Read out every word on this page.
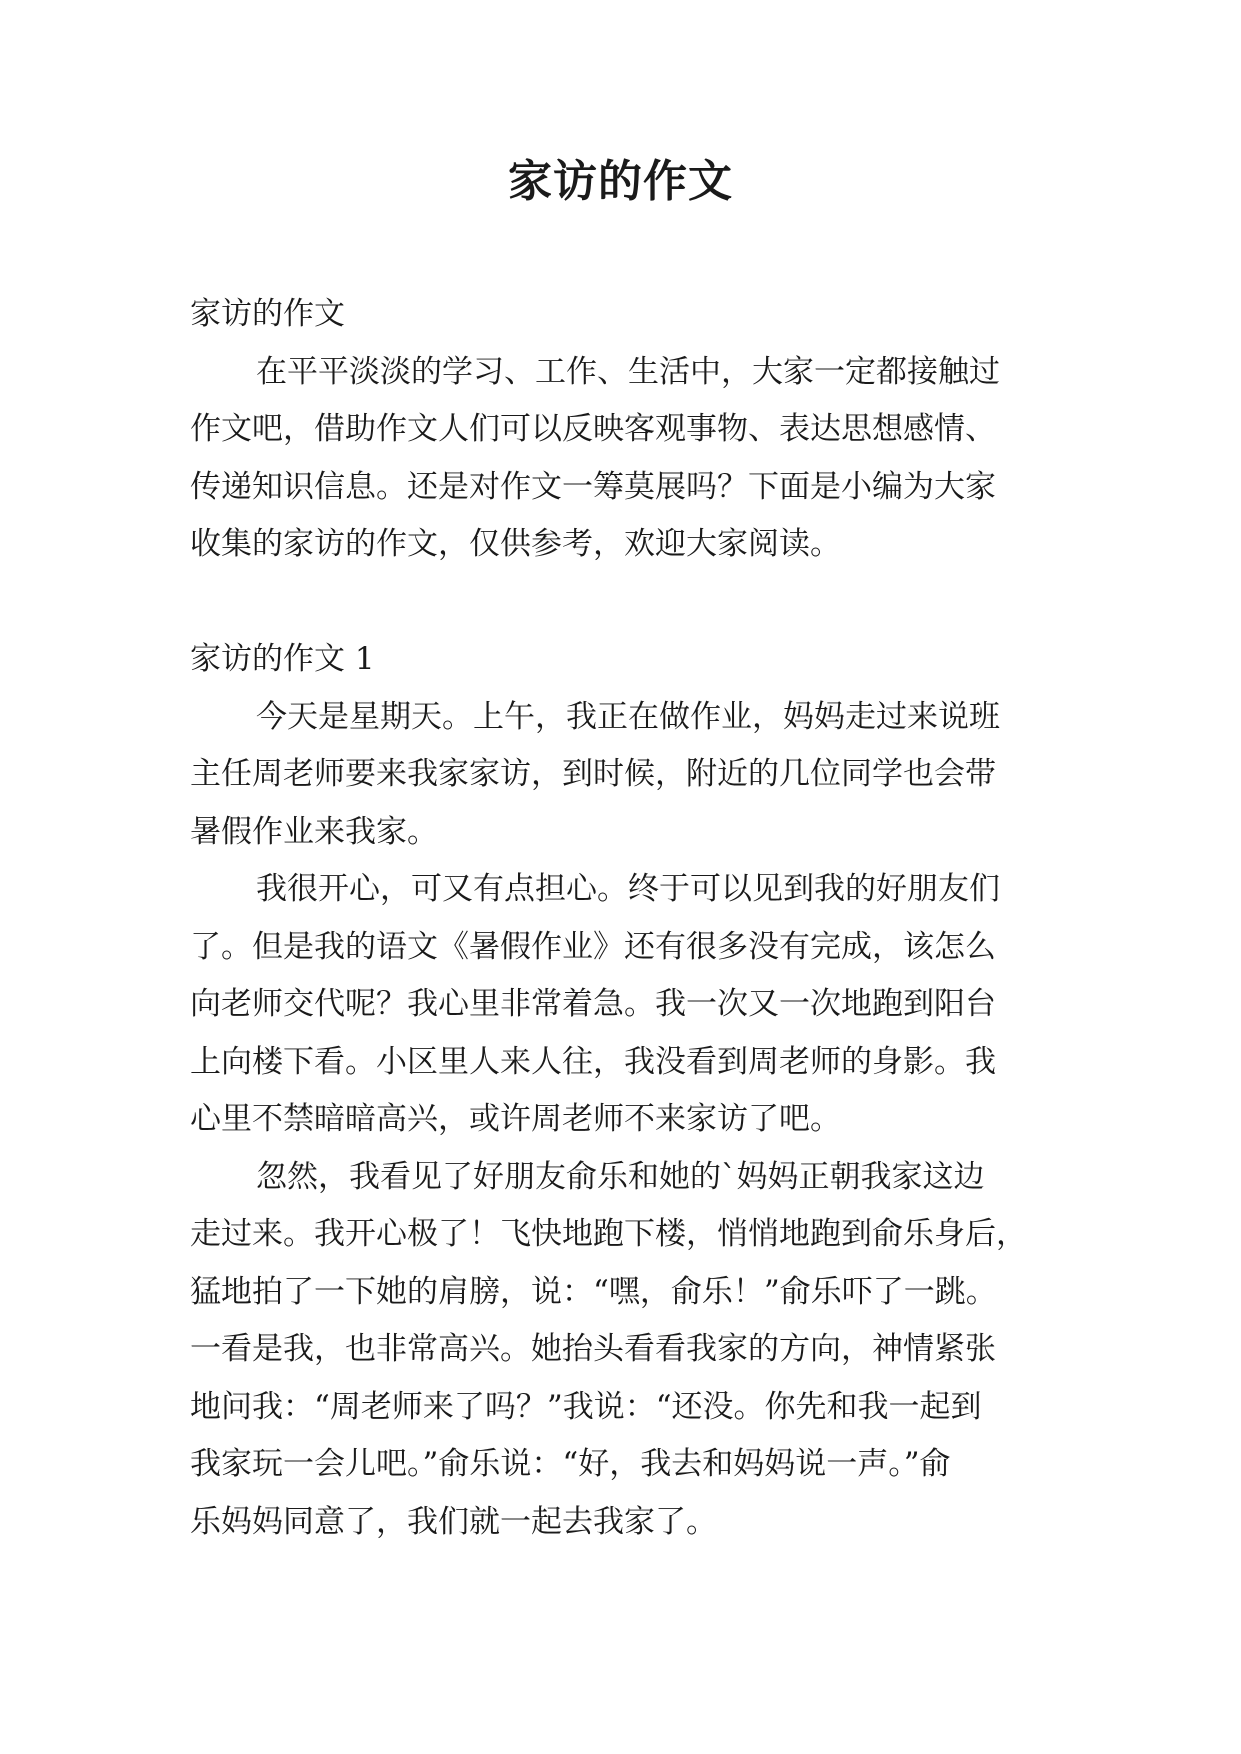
家访的作文
家访的作文
在平平淡淡的学习、工作、生活中，大家一定都接触过
作文吧，借助作文人们可以反映客观事物、表达思想感情、
传递知识信息。还是对作文一筹莫展吗？下面是小编为大家
收集的家访的作文，仅供参考，欢迎大家阅读。
家访的作文 1
今天是星期天。上午，我正在做作业，妈妈走过来说班
主任周老师要来我家家访，到时候，附近的几位同学也会带
暑假作业来我家。
我很开心，可又有点担心。终于可以见到我的好朋友们
了。但是我的语文《暑假作业》还有很多没有完成，该怎么
向老师交代呢？我心里非常着急。我一次又一次地跑到阳台
上向楼下看。小区里人来人往，我没看到周老师的身影。我
心里不禁暗暗高兴，或许周老师不来家访了吧。
忽然，我看见了好朋友俞乐和她的`妈妈正朝我家这边
走过来。我开心极了！飞快地跑下楼，悄悄地跑到俞乐身后，
猛地拍了一下她的肩膀，说：“嘿，俞乐！”俞乐吓了一跳。
一看是我，也非常高兴。她抬头看看我家的方向，神情紧张
地问我：“周老师来了吗？”我说：“还没。你先和我一起到
我家玩一会儿吧。”俞乐说：“好，我去和妈妈说一声。”俞
乐妈妈同意了，我们就一起去我家了。
